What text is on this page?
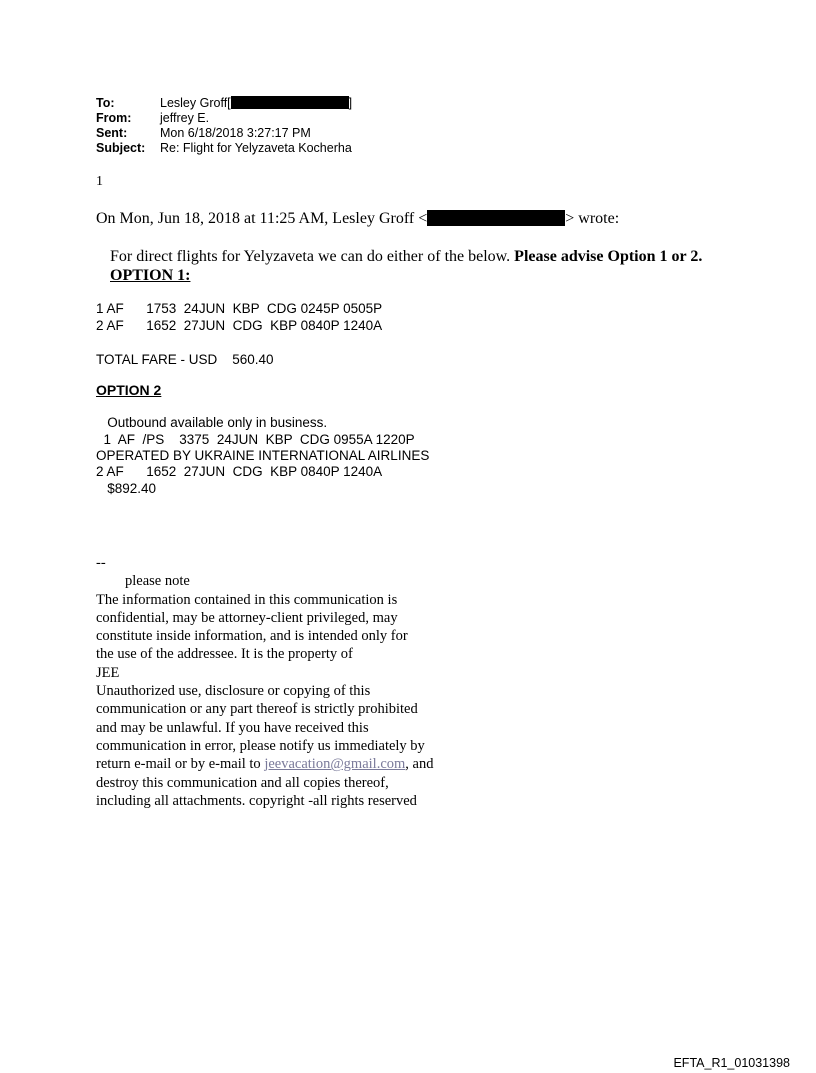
To:	Lesley Groff[	]
From:	jeffrey E.
Sent:	Mon 6/18/2018 3:27:17 PM
Subject:	Re: Flight for Yelyzaveta Kocherha
1
On Mon, Jun 18, 2018 at 11:25 AM, Lesley Groff <	> wrote:
For direct flights for Yelyzaveta we can do either of the below. Please advise Option 1 or 2.
OPTION 1:
1 AF      1753  24JUN  KBP  CDG 0245P 0505P
2 AF      1652  27JUN  CDG  KBP 0840P 1240A
TOTAL FARE - USD    560.40
OPTION 2
Outbound available only in business.
1  AF  /PS    3375  24JUN  KBP  CDG 0955A 1220P
OPERATED BY UKRAINE INTERNATIONAL AIRLINES
2 AF      1652  27JUN  CDG  KBP 0840P 1240A
$892.40
--
please note
The information contained in this communication is
confidential, may be attorney-client privileged, may
constitute inside information, and is intended only for
the use of the addressee. It is the property of
JEE
Unauthorized use, disclosure or copying of this
communication or any part thereof is strictly prohibited
and may be unlawful. If you have received this
communication in error, please notify us immediately by
return e-mail or by e-mail to jeevacation@gmail.com, and
destroy this communication and all copies thereof,
including all attachments. copyright -all rights reserved
EFTA_R1_01031398
